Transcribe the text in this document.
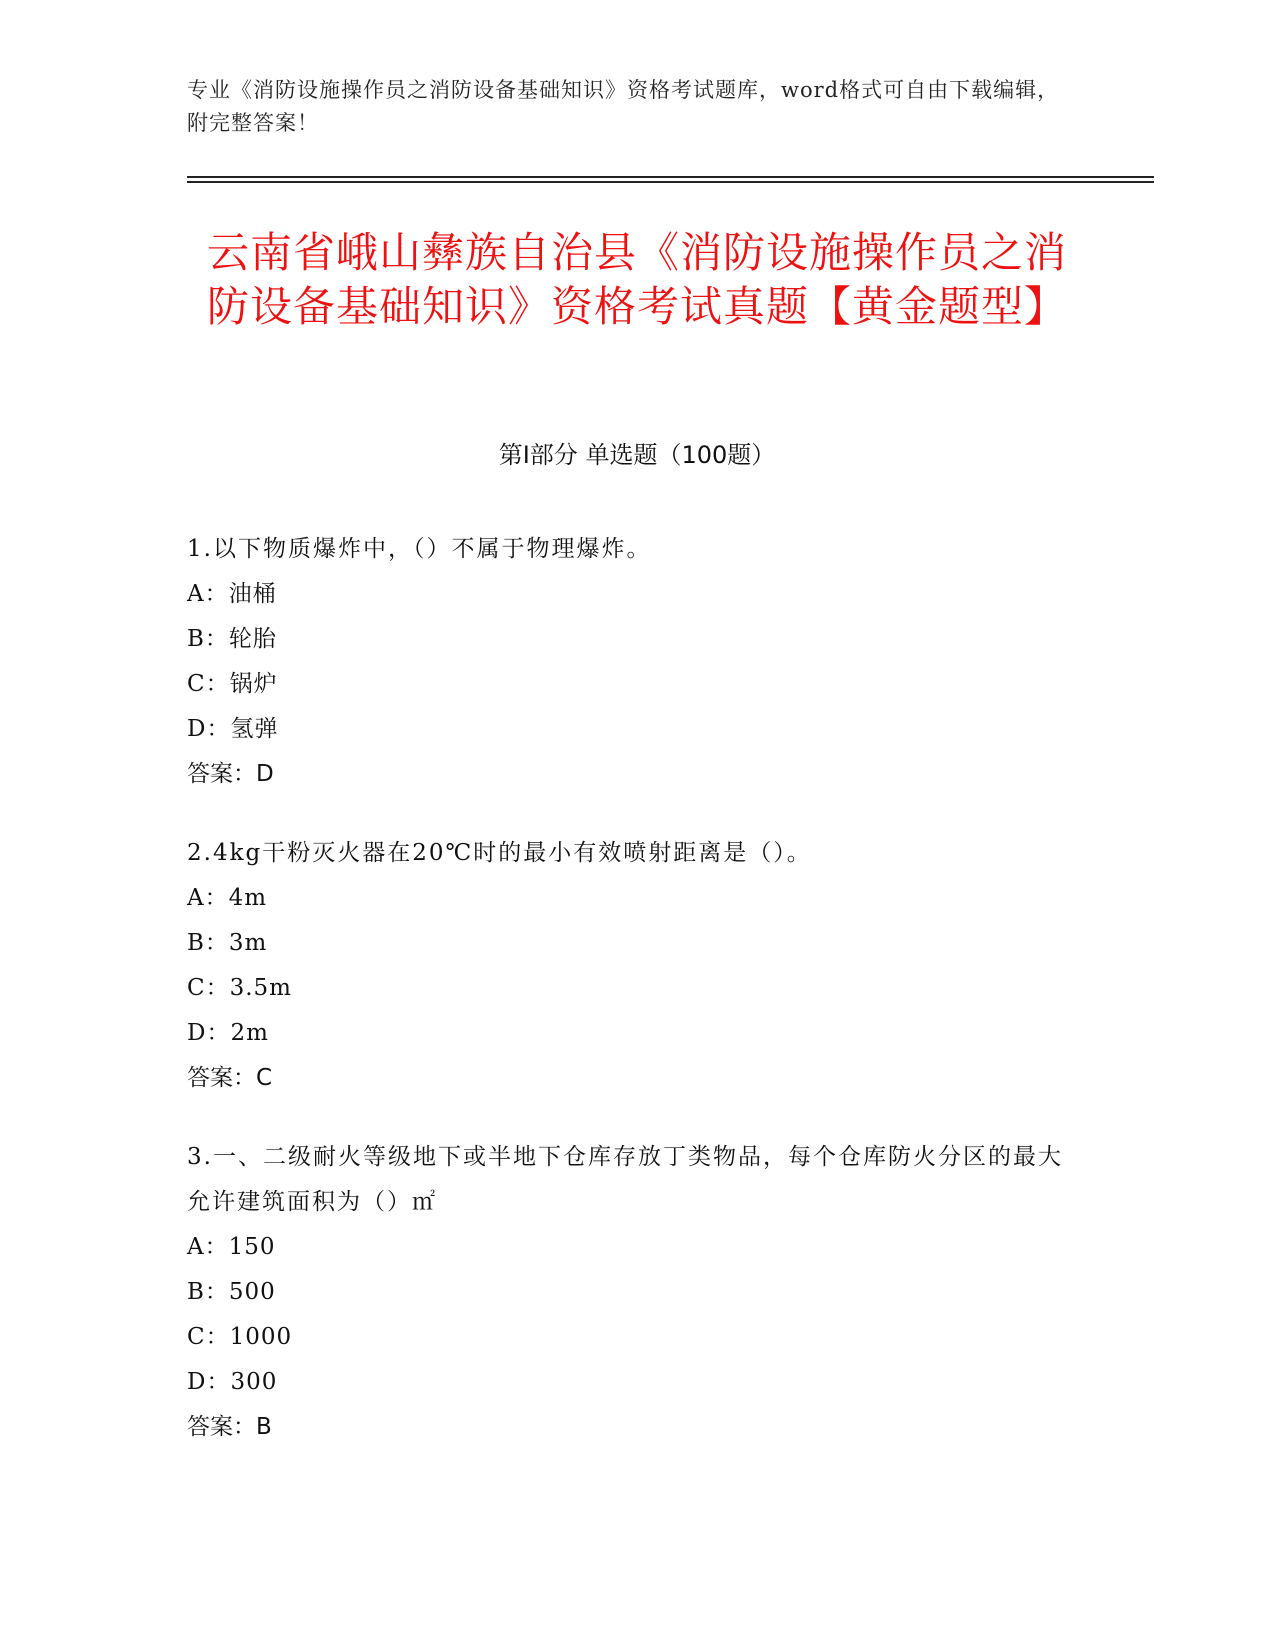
专业《消防设施操作员之消防设备基础知识》资格考试题库，word格式可自由下载编辑，附完整答案！
云南省峨山彝族自治县《消防设施操作员之消防设备基础知识》资格考试真题【黄金题型】
第Ⅰ部分 单选题（100题）
1.以下物质爆炸中，（）不属于物理爆炸。
A：油桶
B：轮胎
C：锅炉
D：氢弹
答案：D
2.4kg干粉灭火器在20℃时的最小有效喷射距离是（）。
A：4m
B：3m
C：3.5m
D：2m
答案：C
3.一、二级耐火等级地下或半地下仓库存放丁类物品，每个仓库防火分区的最大允许建筑面积为（）㎡
A：150
B：500
C：1000
D：300
答案：B
